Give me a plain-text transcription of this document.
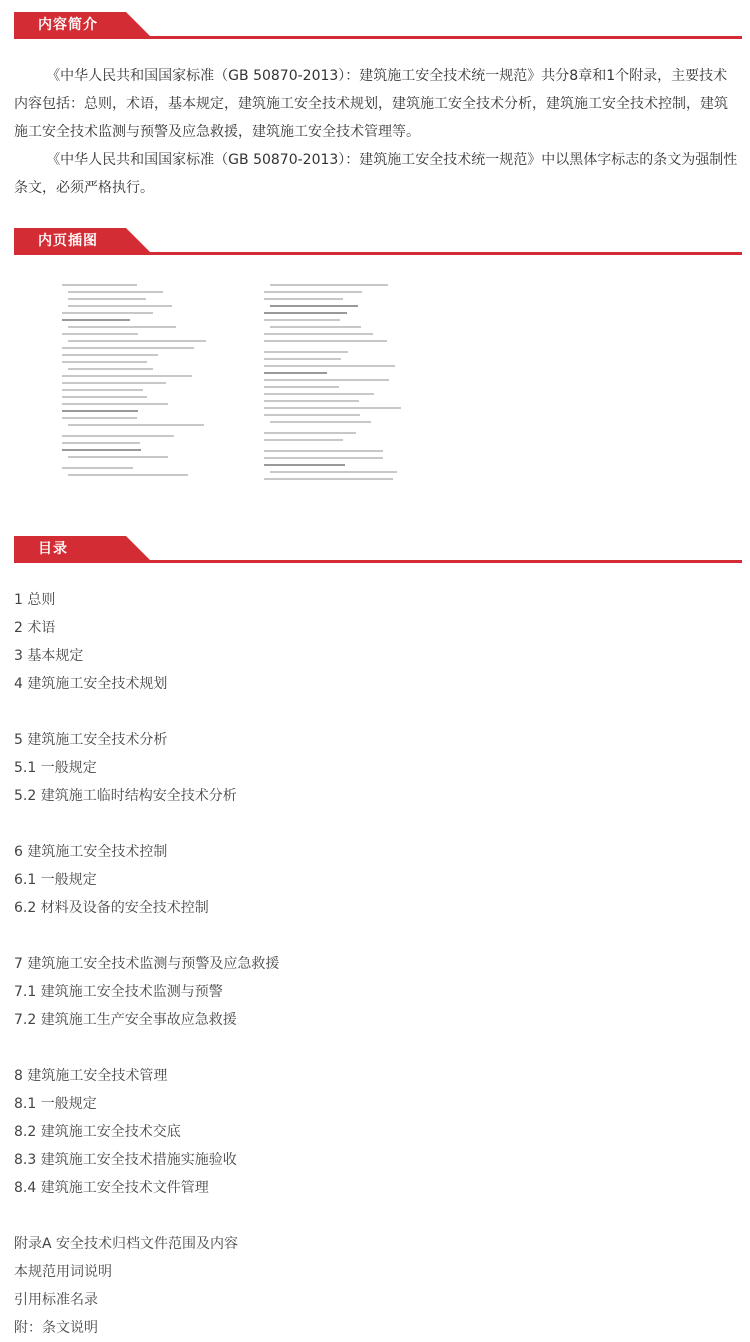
内容简介

《中华人民共和国国家标准（GB 50870-2013）：建筑施工安全技术统一规范》共分8章和1个附录，主要技术内容包括：总则，术语，基本规定，建筑施工安全技术规划，建筑施工安全技术分析，建筑施工安全技术控制，建筑施工安全技术监测与预警及应急救援，建筑施工安全技术管理等。

《中华人民共和国国家标准（GB 50870-2013）：建筑施工安全技术统一规范》中以黑体字标志的条文为强制性条文，必须严格执行。

内页插图
目录
1 总则
2 术语
3 基本规定
4 建筑施工安全技术规划
5 建筑施工安全技术分析
5.1 一般规定
5.2 建筑施工临时结构安全技术分析
6 建筑施工安全技术控制
6.1 一般规定
6.2 材料及设备的安全技术控制
7 建筑施工安全技术监测与预警及应急救援
7.1 建筑施工安全技术监测与预警
7.2 建筑施工生产安全事故应急救援
8 建筑施工安全技术管理
8.1 一般规定
8.2 建筑施工安全技术交底
8.3 建筑施工安全技术措施实施验收
8.4 建筑施工安全技术文件管理
附录A 安全技术归档文件范围及内容
本规范用词说明
引用标准名录
附：条文说明
